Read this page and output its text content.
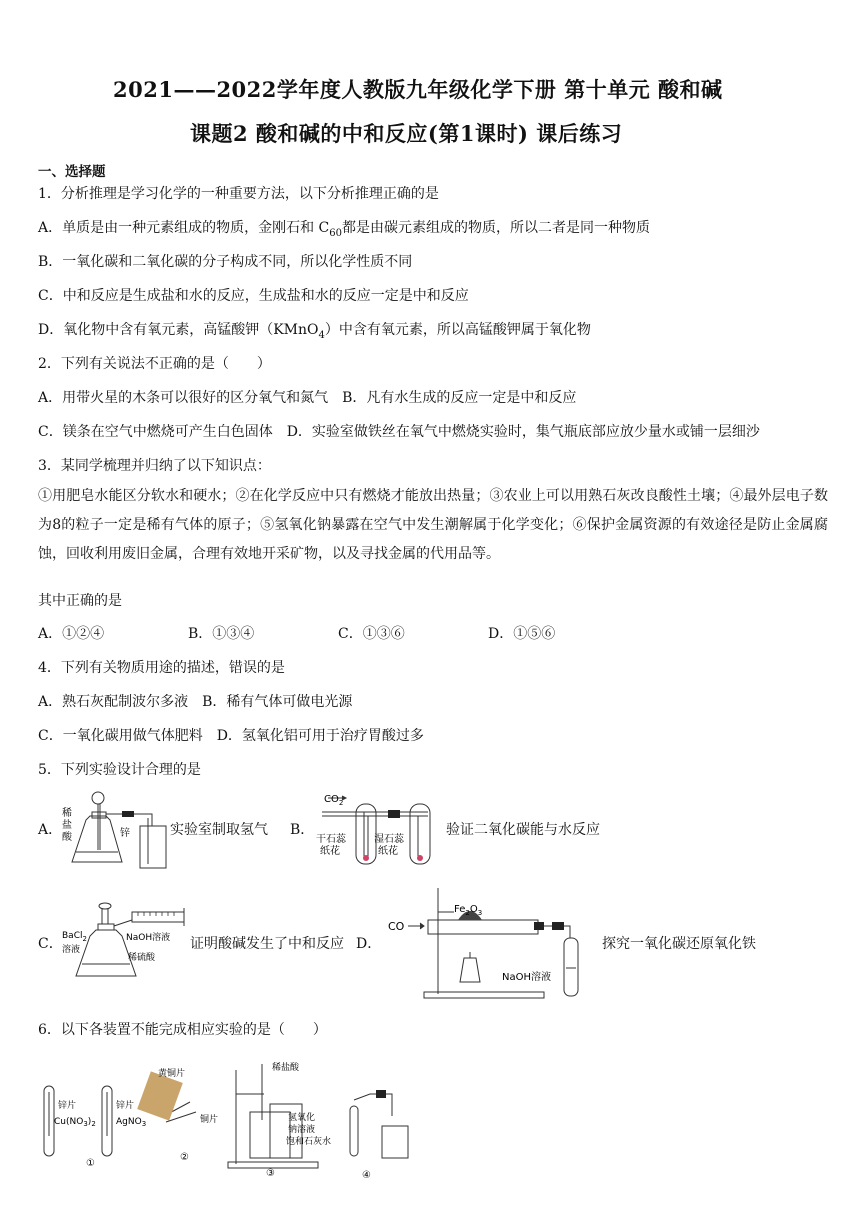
2021——2022学年度人教版九年级化学下册 第十单元 酸和碱
课题2 酸和碱的中和反应(第1课时) 课后练习
一、选择题
1．分析推理是学习化学的一种重要方法，以下分析推理正确的是
A．单质是由一种元素组成的物质，金刚石和 $C_{60}$都是由碳元素组成的物质，所以二者是同一种物质
B．一氧化碳和二氧化碳的分子构成不同，所以化学性质不同
C．中和反应是生成盐和水的反应，生成盐和水的反应一定是中和反应
D．氧化物中含有氧元素，高锰酸钾（KMnO$_4$）中含有氧元素，所以高锰酸钾属于氧化物
2．下列有关说法不正确的是（　　）
A．用带火星的木条可以很好的区分氧气和氮气　B．凡有水生成的反应一定是中和反应
C．镁条在空气中燃烧可产生白色固体　D．实验室做铁丝在氧气中燃烧实验时，集气瓶底部应放少量水或铺一层细沙
3．某同学梳理并归纳了以下知识点：
①用肥皂水能区分软水和硬水；②在化学反应中只有燃烧才能放出热量；③农业上可以用熟石灰改良酸性土壤；④最外层电子数为8的粒子一定是稀有气体的原子；⑤氢氧化钠暴露在空气中发生潮解属于化学变化；⑥保护金属资源的有效途径是防止金属腐蚀，回收利用废旧金属，合理有效地开采矿物，以及寻找金属的代用品等。
其中正确的是
A．①②④	B．①③④	C．①③⑥	D．①⑤⑥
4．下列有关物质用途的描述，错误的是
A．熟石灰配制波尔多液　B．稀有气体可做电光源
C．一氧化碳用做气体肥料　D．氢氧化铝可用于治疗胃酸过多
5．下列实验设计合理的是
A．
稀
盐
酸	锌	实验室制取氢气 B．
$CO_2$
干石蕊
纸花
湿石蕊
纸花
验证二氧化碳能与水反应
C． BaCl$_2$
溶液
NaOH溶液
稀硫酸
证明酸碱发生了中和反应 D．
CO
$Fe_2O_3$
NaOH溶液
探究一氧化碳还原氧化铁
6．以下各装置不能完成相应实验的是（　　）
锌片
$Cu(NO_3)_2$
锌片
AgNO$_3$
①
黄铜片
铜片
②
稀盐酸
氢氧化
钠溶液
饱和石灰水
③	④
